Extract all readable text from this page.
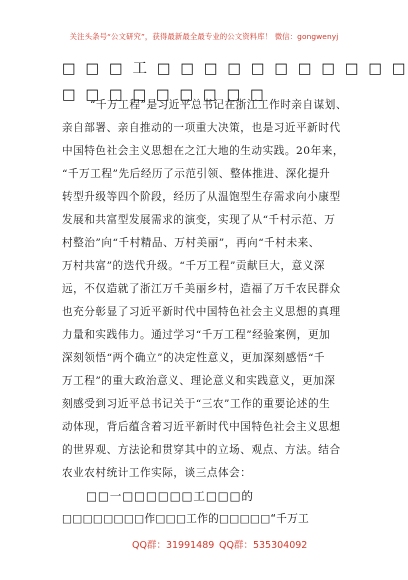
关注头条号“公文研究”，获得最新最全最专业的公文资料库！ 微信：gongwenyj
□ □ □ 工 □ □ □ □ □ □ □ □ □ □ □
□ □ □ □ □ □ □ □ □
“千万工程”是习近平总书记在浙江工作时亲自谋划、
亲自部署、亲自推动的一项重大决策，也是习近平新时代
中国特色社会主义思想在之江大地的生动实践。20年来，
“千万工程”先后经历了示范引领、整体推进、深化提升
转型升级等四个阶段，经历了从温饱型生存需求向小康型
发展和共富型发展需求的演变，实现了从“千村示范、万
村整治”向“千村精品、万村美丽”，再向“千村未来、
万村共富”的迭代升级。“千万工程”贡献巨大，意义深
远，不仅造就了浙江万千美丽乡村，造福了万千农民群众
也充分彰显了习近平新时代中国特色社会主义思想的真理
力量和实践伟力。通过学习“千万工程”经验案例，更加
深刻领悟“两个确立”的决定性意义，更加深刻感悟“千
万工程”的重大政治意义、理论意义和实践意义，更加深
刻感受到习近平总书记关于“三农”工作的重要论述的生
动体现，背后蕴含着习近平新时代中国特色社会主义思想
的世界观、方法论和贯穿其中的立场、观点、方法。结合
农业农村统计工作实际，谈三点体会：
□□一□□□□□□工□□□的
□□□□□□□□作□□□工作的□□□□□“千万工
QQ群：31991489 QQ群：535304092
